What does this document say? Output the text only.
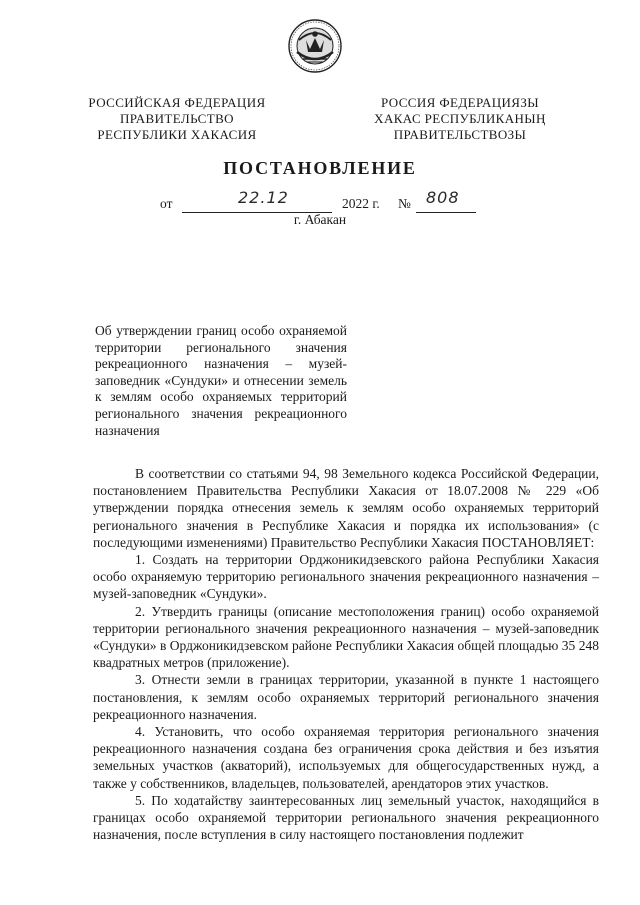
РОССИЙСКАЯ ФЕДЕРАЦИЯ
ПРАВИТЕЛЬСТВО
РЕСПУБЛИКИ ХАКАСИЯ
РОССИЯ ФЕДЕРАЦИЯЗЫ
ХАКАС РЕСПУБЛИКАНЫҢ
ПРАВИТЕЛЬСТВОЗЫ
ПОСТАНОВЛЕНИЕ
от	22.12	2022 г. № 808
г. Абакан
Об утверждении границ особо охраняемой территории регионального значения рекреационного назначения – музей-заповедник «Сундуки» и отнесении земель к землям особо охраняемых территорий регионального значения рекреационного назначения

В соответствии со статьями 94, 98 Земельного кодекса Российской Федерации, постановлением Правительства Республики Хакасия от 18.07.2008 № 229 «Об утверждении порядка отнесения земель к землям особо охраняемых территорий регионального значения в Республике Хакасия и порядка их использования» (с последующими изменениями) Правительство Республики Хакасия ПОСТАНОВЛЯЕТ:

1. Создать на территории Орджоникидзевского района Республики Хакасия особо охраняемую территорию регионального значения рекреационного назначения – музей-заповедник «Сундуки».

2. Утвердить границы (описание местоположения границ) особо охраняемой территории регионального значения рекреационного назначения – музей-заповедник «Сундуки» в Орджоникидзевском районе Республики Хакасия общей площадью 35 248 квадратных метров (приложение).

3. Отнести земли в границах территории, указанной в пункте 1 настоящего постановления, к землям особо охраняемых территорий регионального значения рекреационного назначения.

4. Установить, что особо охраняемая территория регионального значения рекреационного назначения создана без ограничения срока действия и без изъятия земельных участков (акваторий), используемых для общегосударственных нужд, а также у собственников, владельцев, пользователей, арендаторов этих участков.

5. По ходатайству заинтересованных лиц земельный участок, находящийся в границах особо охраняемой территории регионального значения рекреационного назначения, после вступления в силу настоящего постановления подлежит
